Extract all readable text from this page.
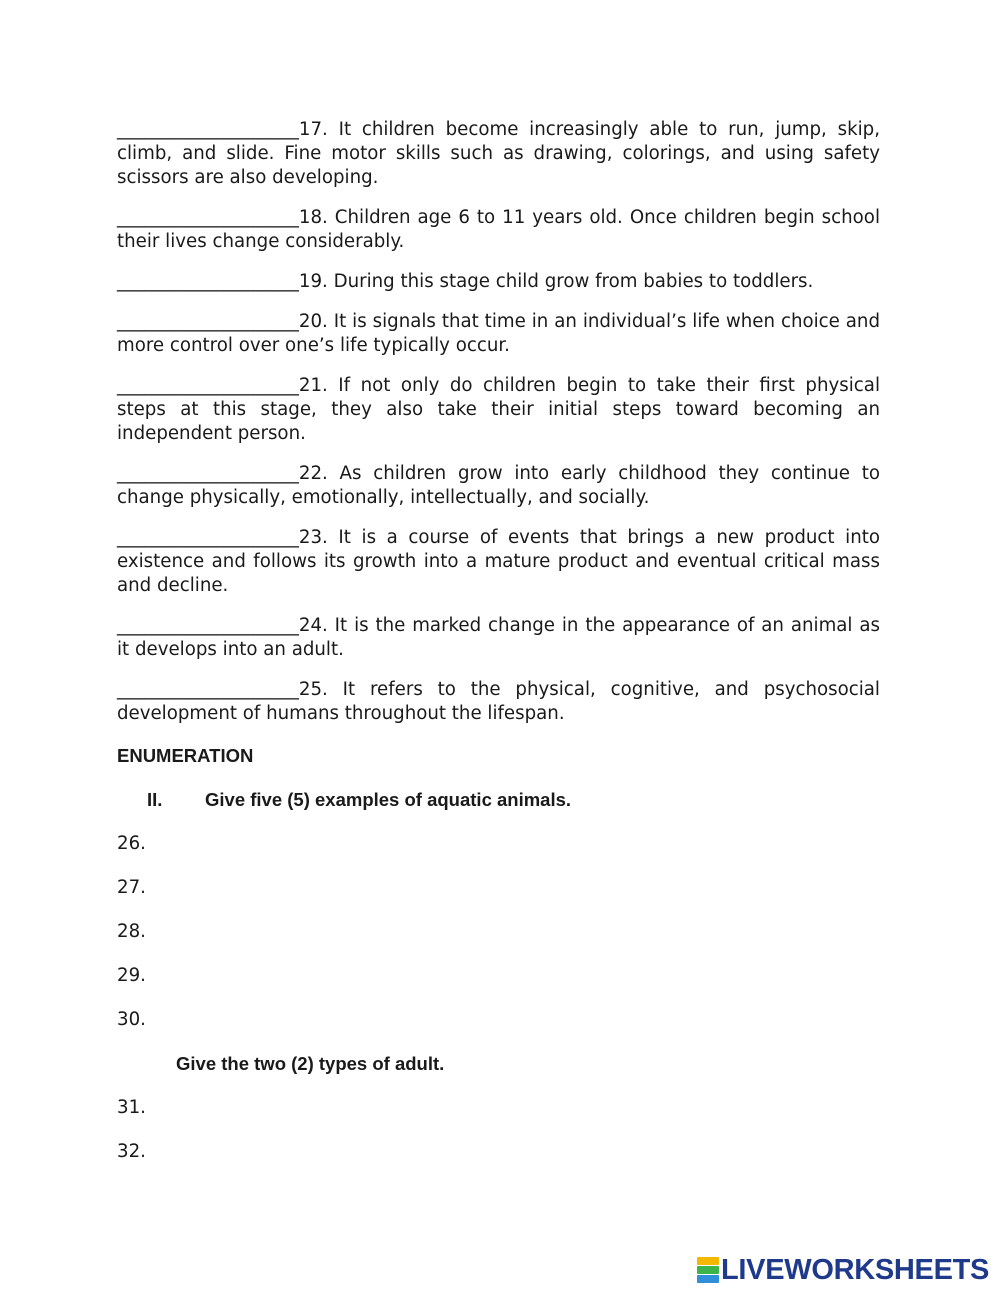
____________________17. It children become increasingly able to run, jump, skip, climb, and slide. Fine motor skills such as drawing, colorings, and using safety scissors are also developing.

____________________18. Children age 6 to 11 years old. Once children begin school their lives change considerably.

____________________19. During this stage child grow from babies to toddlers.

____________________20. It is signals that time in an individual’s life when choice and more control over one’s life typically occur.

____________________21. If not only do children begin to take their first physical steps at this stage, they also take their initial steps toward becoming an independent person.

____________________22. As children grow into early childhood they continue to change physically, emotionally, intellectually, and socially.

____________________23. It is a course of events that brings a new product into existence and follows its growth into a mature product and eventual critical mass and decline.

____________________24. It is the marked change in the appearance of an animal as it develops into an adult.

____________________25. It refers to the physical, cognitive, and psychosocial development of humans throughout the lifespan.

ENUMERATION
II. Give five (5) examples of aquatic animals.
26.
27.
28.
29.
30.
Give the two (2) types of adult.
31.
32.
LIVEWORKSHEETS
